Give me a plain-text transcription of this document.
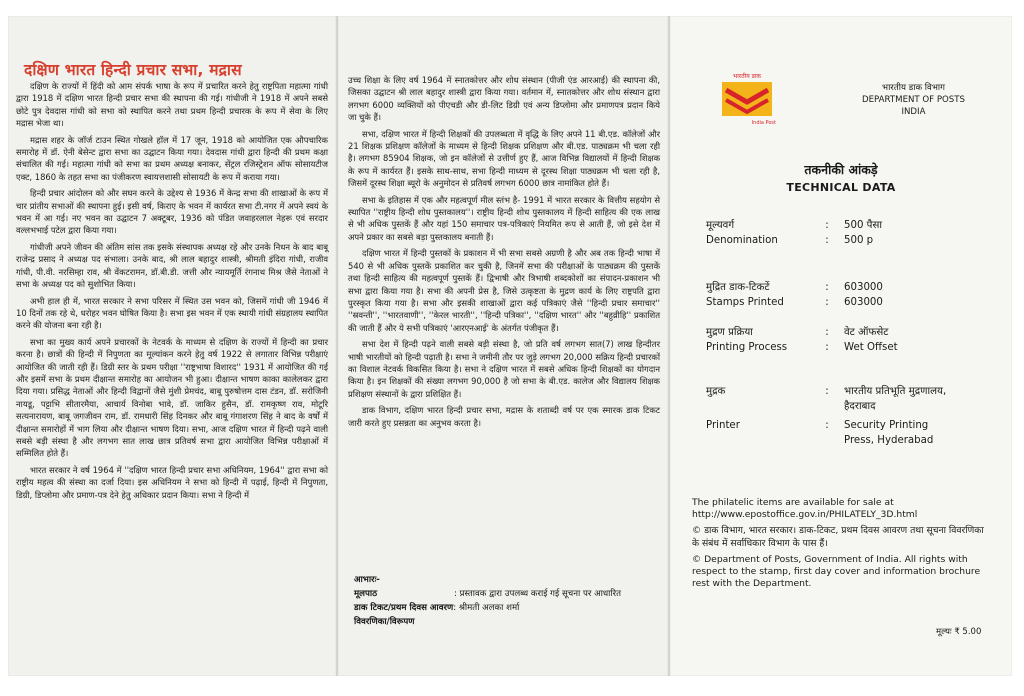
दक्षिण भारत हिन्दी प्रचार सभा, मद्रास

दक्षिण के राज्यों में हिंदी को आम संपर्क भाषा के रूप में प्रचारित करने हेतु राष्ट्रपिता महात्मा गांधी द्वारा 1918 में दक्षिण भारत हिन्दी प्रचार सभा की स्थापना की गई। गांधीजी ने 1918 में अपने सबसे छोटे पुत्र देवदास गांधी को सभा को स्थापित करने तथा प्रथम हिन्दी प्रचारक के रूप में सेवा के लिए मद्रास भेजा था।

मद्रास शहर के जॉर्ज टाउन स्थित गोखले हॉल में 17 जून, 1918 को आयोजित एक औपचारिक समारोह में डॉ. ऐनी बेसेन्ट द्वारा सभा का उद्घाटन किया गया। देवदास गांधी द्वारा हिन्दी की प्रथम कक्षा संचालित की गई। महात्मा गांधी को सभा का प्रथम अध्यक्ष बनाकर, सेंट्रल रजिस्ट्रेशन ऑफ सोसायटीज एक्ट, 1860 के तहत सभा का पंजीकरण स्वायत्तशासी सोसायटी के रूप में कराया गया।

हिन्दी प्रचार आंदोलन को और सघन करने के उद्देश्य से 1936 में केन्द्र सभा की शाखाओं के रूप में चार प्रांतीय सभाओं की स्थापना हुई। इसी वर्ष, किराए के भवन में कार्यरत सभा टी.नगर में अपने स्वयं के भवन में आ गई। नए भवन का उद्घाटन 7 अक्टूबर, 1936 को पंडित जवाहरलाल नेहरू एवं सरदार वल्लभभाई पटेल द्वारा किया गया।

गांधीजी अपने जीवन की अंतिम सांस तक इसके संस्थापक अध्यक्ष रहे और उनके निधन के बाद बाबू राजेन्द्र प्रसाद ने अध्यक्ष पद संभाला। उनके बाद, श्री लाल बहादुर शास्त्री, श्रीमती इंदिरा गांधी, राजीव गांधी, पी.वी. नरसिम्हा राव, श्री वेंकटरामन, डॉ.बी.डी. जत्ती और न्यायमूर्ति रंगनाथ मिश्र जैसे नेताओं ने सभा के अध्यक्ष पद को सुशोभित किया।

अभी हाल ही में, भारत सरकार ने सभा परिसर में स्थित उस भवन को, जिसमें गांधी जी 1946 में 10 दिनों तक रहे थे, धरोहर भवन घोषित किया है। सभा इस भवन में एक स्थायी गांधी संग्रहालय स्थापित करने की योजना बना रही है।

सभा का मुख्य कार्य अपने प्रचारकों के नेटवर्क के माध्यम से दक्षिण के राज्यों में हिन्दी का प्रचार करना है। छात्रों की हिन्दी में निपुणता का मूल्यांकन करने हेतु वर्ष 1922 से लगातार विभिन्न परीक्षाएं आयोजित की जाती रही हैं। डिग्री स्तर के प्रथम परीक्षा ''राष्ट्रभाषा विशारद'' 1931 में आयोजित की गई और इसमें सभा के प्रथम दीक्षान्त समारोह का आयोजन भी हुआ। दीक्षान्त भाषण काका कालेलकर द्वारा दिया गया। प्रसिद्ध नेताओं और हिन्दी विद्वानों जैसे मुंशी प्रेमचंद, बाबू पुरुषोत्तम दास टंडन, डॉ. सरोजिनी नायडू, पट्टाभि सीतारमैया, आचार्य विनोबा भावे, डॉ. जाकिर हुसैन, डॉ. रामकृष्ण राव, मोटूरि सत्यनारायण, बाबू जगजीवन राम, डॉ. रामधारी सिंह दिनकर और बाबू गंगाशरण सिंह ने बाद के वर्षों में दीक्षान्त समारोहों में भाग लिया और दीक्षान्त भाषण दिया। सभा, आज दक्षिण भारत में हिन्दी पढ़ने वाली सबसे बड़ी संस्था है और लगभग सात लाख छात्र प्रतिवर्ष सभा द्वारा आयोजित विभिन्न परीक्षाओं में सम्मिलित होते हैं।

भारत सरकार ने वर्ष 1964 में ''दक्षिण भारत हिन्दी प्रचार सभा अधिनियम, 1964'' द्वारा सभा को राष्ट्रीय महत्व की संस्था का दर्जा दिया। इस अधिनियम ने सभा को हिन्दी में पढ़ाई, हिन्दी में निपुणता, डिग्री, डिप्लोमा और प्रमाण-पत्र देने हेतु अधिकार प्रदान किया। सभा ने हिन्दी में

उच्च शिक्षा के लिए वर्ष 1964 में स्नातकोत्तर और शोध संस्थान (पीजी एंड आरआई) की स्थापना की, जिसका उद्घाटन श्री लाल बहादुर शास्त्री द्वारा किया गया। वर्तमान में, स्नातकोत्तर और शोध संस्थान द्वारा लगभग 6000 व्यक्तियों को पीएचडी और डी-लिट डिग्री एवं अन्य डिप्लोमा और प्रमाणपत्र प्रदान किये जा चुके हैं।

सभा, दक्षिण भारत में हिन्दी शिक्षकों की उपलब्धता में वृद्धि के लिए अपने 11 बी.एड. कॉलेजों और 21 शिक्षक प्रशिक्षण कॉलेजों के माध्यम से हिन्दी शिक्षक प्रशिक्षण और बी.एड. पाठ्यक्रम भी चला रही है। लगभग 85904 शिक्षक, जो इन कॉलेजों से उत्तीर्ण हुए हैं, आज विभिन्न विद्यालयों में हिन्दी शिक्षक के रूप में कार्यरत हैं। इसके साथ-साथ, सभा हिन्दी माध्यम से दूरस्थ शिक्षा पाठ्यक्रम भी चला रही है, जिसमें दूरस्थ शिक्षा ब्यूरो के अनुमोदन से प्रतिवर्ष लगभग 6000 छात्र नामांकित होते हैं।

सभा के इतिहास में एक और महत्वपूर्ण मील स्तंभ है- 1991 में भारत सरकार के वित्तीय सहयोग से स्थापित ''राष्ट्रीय हिन्दी शोध पुस्तकालय''। राष्ट्रीय हिन्दी शोध पुस्तकालय में हिन्दी साहित्य की एक लाख से भी अधिक पुस्तकें हैं और यहां 150 समाचार पत्र-पत्रिकाएं नियमित रूप से आती हैं, जो इसे देश में अपने प्रकार का सबसे बड़ा पुस्तकालय बनाती हैं।

दक्षिण भारत में हिन्दी पुस्तकों के प्रकाशन में भी सभा सबसे अग्रणी है और अब तक हिन्दी भाषा में 540 से भी अधिक पुस्तकें प्रकाशित कर चुकी है, जिनमें सभा की परीक्षाओं के पाठ्यक्रम की पुस्तकें तथा हिन्दी साहित्य की महत्वपूर्ण पुस्तकें हैं। द्विभाषी और त्रिभाषी शब्दकोशों का संपादन-प्रकाशन भी सभा द्वारा किया गया है। सभा की अपनी प्रेस है, जिसे उत्कृष्टता के मुद्रण कार्य के लिए राष्ट्रपति द्वारा पुरस्कृत किया गया है। सभा और इसकी शाखाओं द्वारा कई पत्रिकाएं जैसे ''हिन्दी प्रचार समाचार'' ''स्रवन्ती'', ''भारतवाणी'', ''केरल भारती'', ''हिन्दी पत्रिका'', ''दक्षिण भारत'' और ''बहुव्रीहि'' प्रकाशित की जाती हैं और ये सभी पत्रिकाएं 'आरएनआई' के अंतर्गत पंजीकृत हैं।

सभा देश में हिन्दी पढ़ने वाली सबसे बड़ी संस्था है, जो प्रति वर्ष लगभग सात(7) लाख हिन्दीतर भाषी भारतीयों को हिन्दी पढ़ाती है। सभा ने जमीनी तौर पर जुड़े लगभग 20,000 सक्रिय हिन्दी प्रचारकों का विशाल नेटवर्क विकसित किया है। सभा ने दक्षिण भारत में सबसे अधिक हिन्दी शिक्षकों का योगदान किया है। इन शिक्षकों की संख्या लगभग 90,000 है जो सभा के बी.एड. कालेज और विद्यालय शिक्षक प्रशिक्षण संस्थानों के द्वारा प्रशिक्षित हैं।

डाक विभाग, दक्षिण भारत हिन्दी प्रचार सभा, मद्रास के शताब्दी वर्ष पर एक स्मारक डाक टिकट जारी करते हुए प्रसन्नता का अनुभव करता है।

आभारः-
मूलपाठ	: प्रस्तावक द्वारा उपलब्ध कराई गई सूचना पर आधारित
डाक टिकट/प्रथम दिवस आवरण : श्रीमती अलका शर्मा
विवरणिका/विरूपण
भारतीय डाक
India Post
भारतीय डाक विभाग
DEPARTMENT OF POSTS
INDIA
तकनीकी आंकड़े
TECHNICAL DATA
मूल्यवर्ग	:	500 पैसा
Denomination	:	500 p
मुद्रित डाक-टिकटें	:	603000
Stamps Printed	:	603000
मुद्रण प्रक्रिया	:	वेट ऑफसेट
Printing Process	:	Wet Offset
मुद्रक	:	भारतीय प्रतिभूति मुद्रणालय, हैदराबाद
Printer	:	Security Printing Press, Hyderabad

The philatelic items are available for sale at

http://www.epostoffice.gov.in/PHILATELY_3D.html

© डाक विभाग, भारत सरकार। डाक-टिकट, प्रथम दिवस आवरण तथा सूचना विवरणिका के संबंध में सर्वाधिकार विभाग के पास हैं।

© Department of Posts, Government of India. All rights with respect to the stamp, first day cover and information brochure rest with the Department.

मूल्यः ₹ 5.00
